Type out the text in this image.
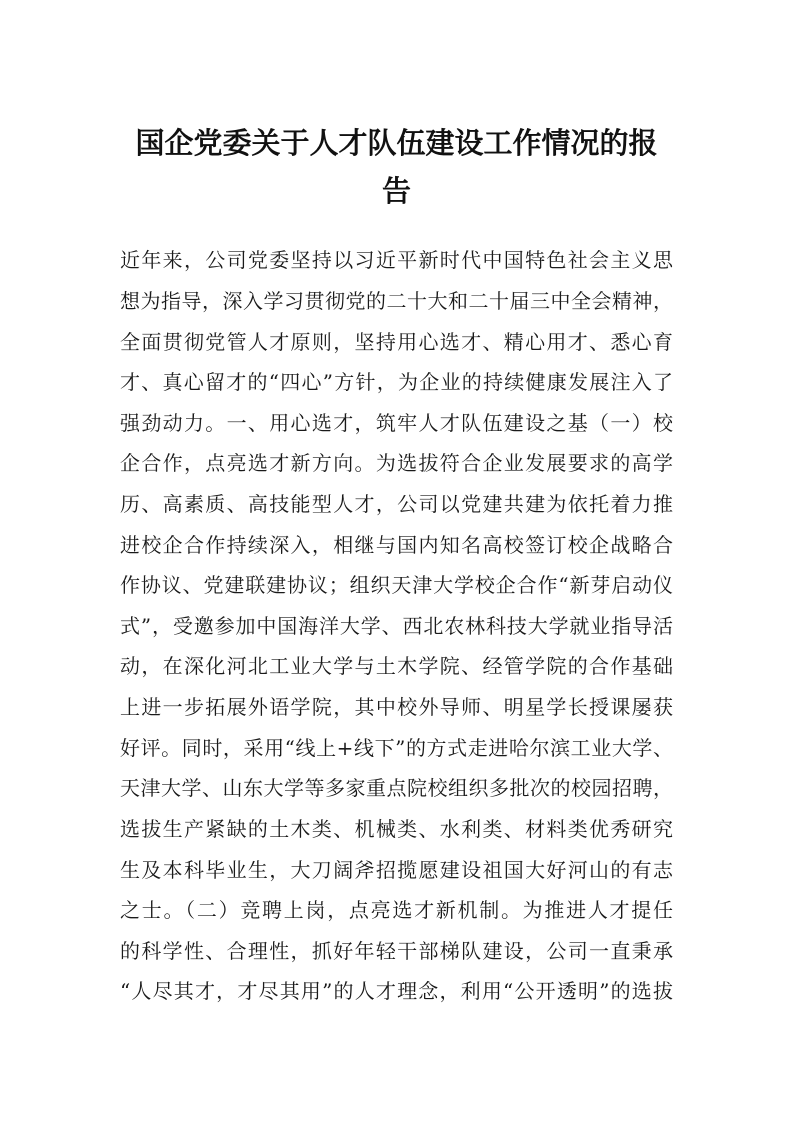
国企党委关于人才队伍建设工作情况的报
告
近年来，公司党委坚持以习近平新时代中国特色社会主义思
想为指导，深入学习贯彻党的二十大和二十届三中全会精神，
全面贯彻党管人才原则，坚持用心选才、精心用才、悉心育
才、真心留才的“四心”方针，为企业的持续健康发展注入了
强劲动力。一、用心选才，筑牢人才队伍建设之基（一）校
企合作，点亮选才新方向。为选拔符合企业发展要求的高学
历、高素质、高技能型人才，公司以党建共建为依托着力推
进校企合作持续深入，相继与国内知名高校签订校企战略合
作协议、党建联建协议；组织天津大学校企合作“新芽启动仪
式”，受邀参加中国海洋大学、西北农林科技大学就业指导活
动，在深化河北工业大学与土木学院、经管学院的合作基础
上进一步拓展外语学院，其中校外导师、明星学长授课屡获
好评。同时，采用“线上+线下”的方式走进哈尔滨工业大学、
天津大学、山东大学等多家重点院校组织多批次的校园招聘，
选拔生产紧缺的土木类、机械类、水利类、材料类优秀研究
生及本科毕业生，大刀阔斧招揽愿建设祖国大好河山的有志
之士。（二）竞聘上岗，点亮选才新机制。为推进人才提任
的科学性、合理性，抓好年轻干部梯队建设，公司一直秉承
“人尽其才，才尽其用”的人才理念，利用“公开透明”的选拔
